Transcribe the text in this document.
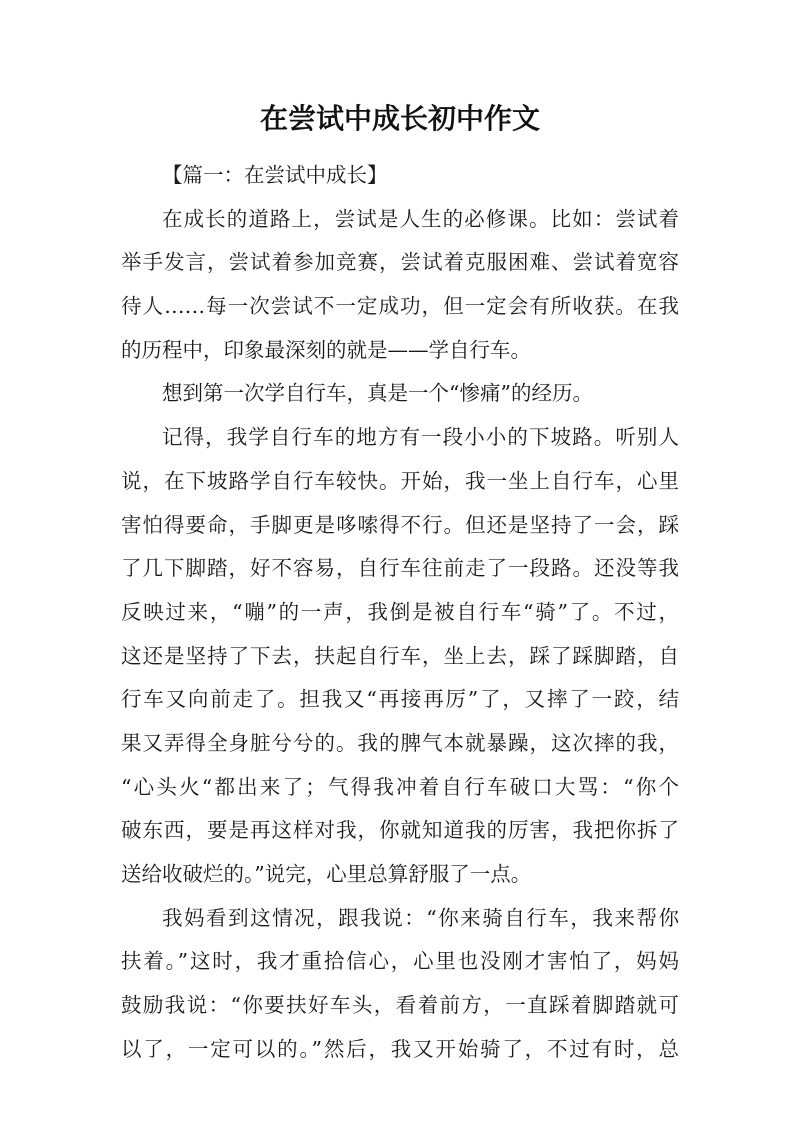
在尝试中成长初中作文
【篇一：在尝试中成长】
在成长的道路上，尝试是人生的必修课。比如：尝试着
举手发言，尝试着参加竞赛，尝试着克服困难、尝试着宽容
待人……每一次尝试不一定成功，但一定会有所收获。在我
的历程中，印象最深刻的就是——学自行车。
想到第一次学自行车，真是一个“惨痛”的经历。
记得，我学自行车的地方有一段小小的下坡路。听别人
说，在下坡路学自行车较快。开始，我一坐上自行车，心里
害怕得要命，手脚更是哆嗦得不行。但还是坚持了一会，踩
了几下脚踏，好不容易，自行车往前走了一段路。还没等我
反映过来，“嘣”的一声，我倒是被自行车“骑”了。不过，
这还是坚持了下去，扶起自行车，坐上去，踩了踩脚踏，自
行车又向前走了。担我又“再接再厉”了，又摔了一跤，结
果又弄得全身脏兮兮的。我的脾气本就暴躁，这次摔的我，
“心头火“都出来了；气得我冲着自行车破口大骂：“你个
破东西，要是再这样对我，你就知道我的厉害，我把你拆了
送给收破烂的。”说完，心里总算舒服了一点。
我妈看到这情况，跟我说：“你来骑自行车，我来帮你
扶着。”这时，我才重拾信心，心里也没刚才害怕了，妈妈
鼓励我说：“你要扶好车头，看着前方，一直踩着脚踏就可
以了，一定可以的。”然后，我又开始骑了，不过有时，总
